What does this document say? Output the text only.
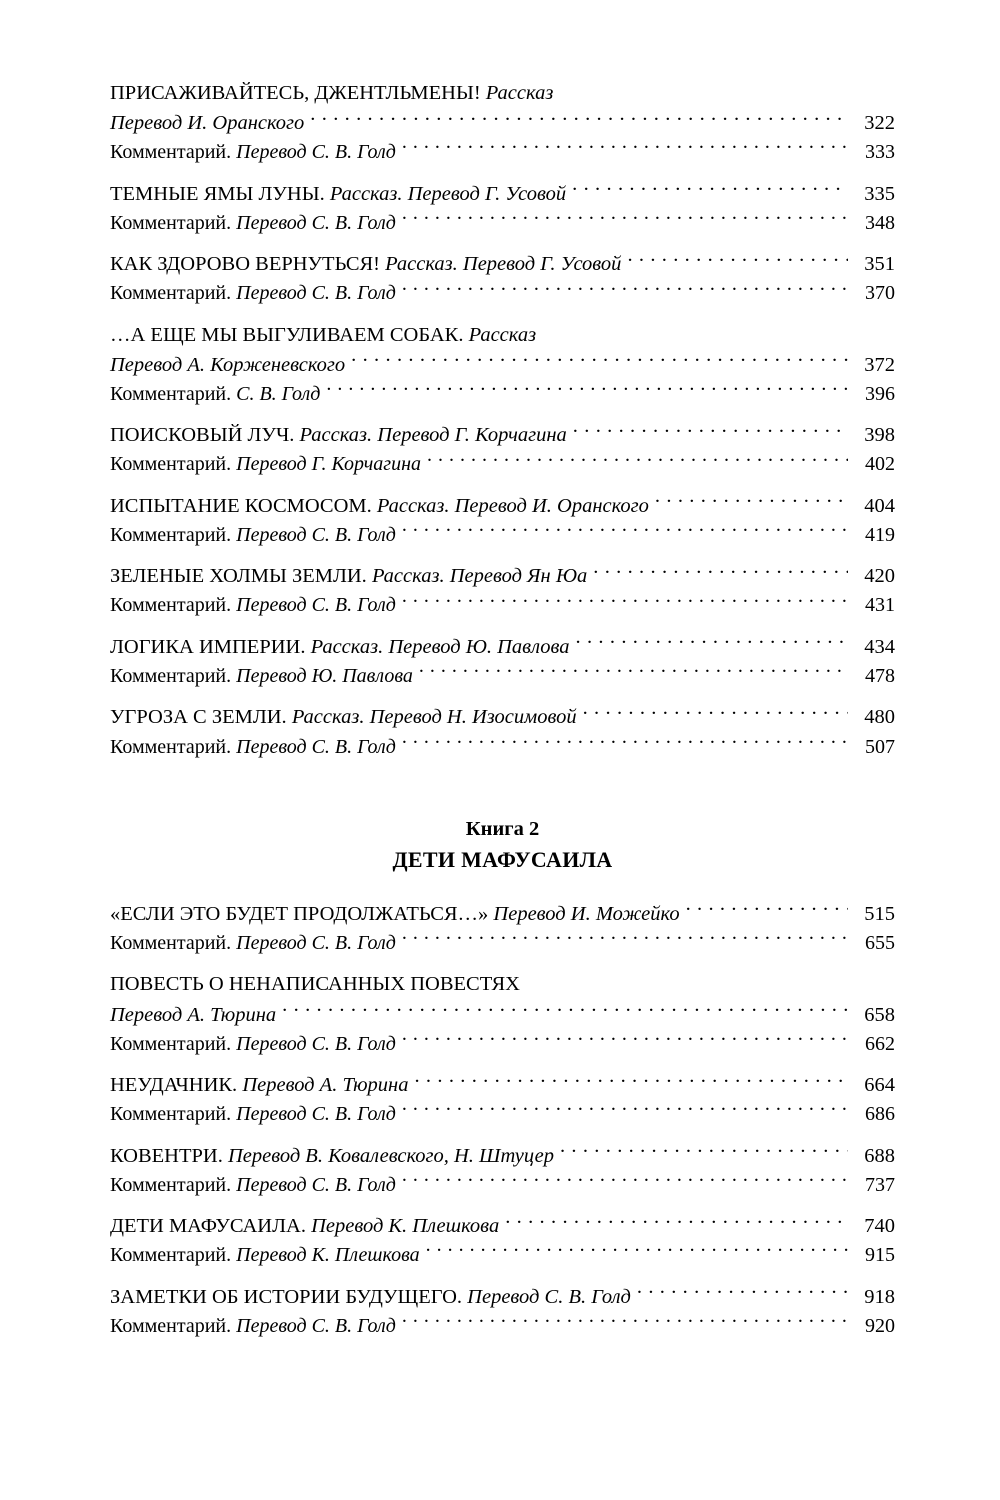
ПРИСАЖИВАЙТЕСЬ, ДЖЕНТЛЬМЕНЫ! Рассказ
Перевод И. Оранского . . .	322
Комментарий. Перевод С. В. Голд . . .	333
ТЕМНЫЕ ЯМЫ ЛУНЫ. Рассказ. Перевод Г. Усовой . . .	335
Комментарий. Перевод С. В. Голд . . .	348
КАК ЗДОРОВО ВЕРНУТЬСЯ! Рассказ. Перевод Г. Усовой . . .	351
Комментарий. Перевод С. В. Голд . . .	370
…А ЕЩЕ МЫ ВЫГУЛИВАЕМ СОБАК. Рассказ
Перевод А. Корженевского . . .	372
Комментарий. С. В. Голд . . .	396
ПОИСКОВЫЙ ЛУЧ. Рассказ. Перевод Г. Корчагина . . .	398
Комментарий. Перевод Г. Корчагина . . .	402
ИСПЫТАНИЕ КОСМОСОМ. Рассказ. Перевод И. Оранского . . .	404
Комментарий. Перевод С. В. Голд . . .	419
ЗЕЛЕНЫЕ ХОЛМЫ ЗЕМЛИ. Рассказ. Перевод Ян Юа . . .	420
Комментарий. Перевод С. В. Голд . . .	431
ЛОГИКА ИМПЕРИИ. Рассказ. Перевод Ю. Павлова . . .	434
Комментарий. Перевод Ю. Павлова . . .	478
УГРОЗА С ЗЕМЛИ. Рассказ. Перевод Н. Изосимовой . . .	480
Комментарий. Перевод С. В. Голд . . .	507
Книга 2
ДЕТИ МАФУСАИЛА
«ЕСЛИ ЭТО БУДЕТ ПРОДОЛЖАТЬСЯ…» Перевод И. Можейко . . .	515
Комментарий. Перевод С. В. Голд . . .	655
ПОВЕСТЬ О НЕНАПИСАННЫХ ПОВЕСТЯХ
Перевод А. Тюрина . . .	658
Комментарий. Перевод С. В. Голд . . .	662
НЕУДАЧНИК. Перевод А. Тюрина . . .	664
Комментарий. Перевод С. В. Голд . . .	686
КОВЕНТРИ. Перевод В. Ковалевского, Н. Штуцер . . .	688
Комментарий. Перевод С. В. Голд . . .	737
ДЕТИ МАФУСАИЛА. Перевод К. Плешкова . . .	740
Комментарий. Перевод К. Плешкова . . .	915
ЗАМЕТКИ ОБ ИСТОРИИ БУДУЩЕГО. Перевод С. В. Голд . . .	918
Комментарий. Перевод С. В. Голд . . .	920
